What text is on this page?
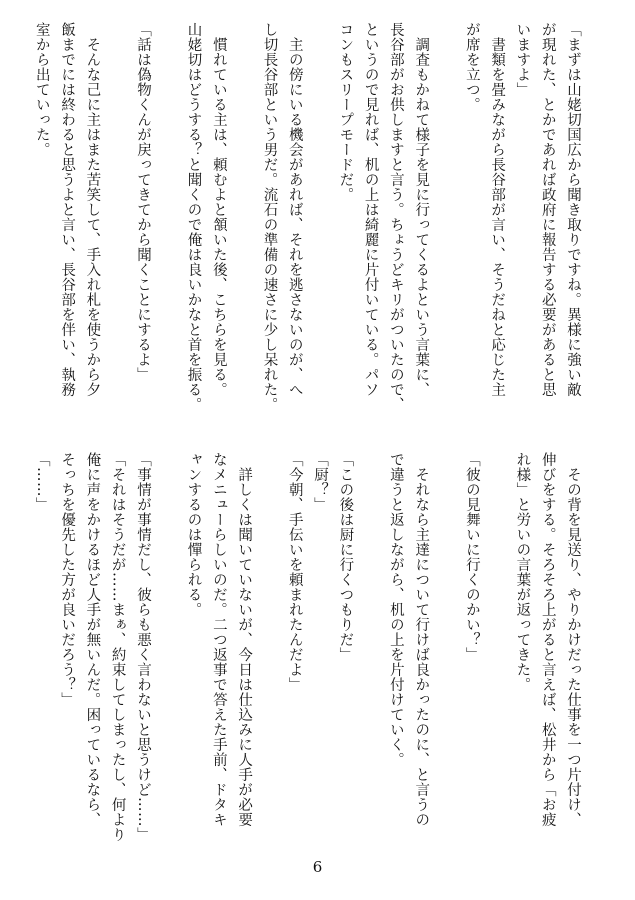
「まずは山姥切国広から聞き取りですね。異様に強い敵
が現れた、とかであれば政府に報告する必要があると思
いますよ」
　書類を畳みながら長谷部が言い、そうだねと応じた主
が席を立つ。
　調査もかねて様子を見に行ってくるよという言葉に、
長谷部がお供しますと言う。ちょうどキリがついたので、
というので見れば、机の上は綺麗に片付いている。パソ
コンもスリープモードだ。
　主の傍にいる機会があれば、それを逃さないのが、へ
し切長谷部という男だ。流石の準備の速さに少し呆れた。
　慣れている主は、頼むよと頷いた後、こちらを見る。
山姥切はどうする？と聞くので俺は良いかなと首を振る。
「話は偽物くんが戻ってきてから聞くことにするよ」
　そんな己に主はまた苦笑して、手入れ札を使うから夕
飯までには終わると思うよと言い、長谷部を伴い、執務
室から出ていった。
　その背を見送り、やりかけだった仕事を一つ片付け、
伸びをする。そろそろ上がると言えば、松井から「お疲
れ様」と労いの言葉が返ってきた。
「彼の見舞いに行くのかい？」
　それなら主達について行けば良かったのに、と言うの
で違うと返しながら、机の上を片付けていく。
「この後は厨に行くつもりだ」
「厨？」
「今朝、手伝いを頼まれたんだよ」
　詳しくは聞いていないが、今日は仕込みに人手が必要
なメニューらしいのだ。二つ返事で答えた手前、ドタキ
ャンするのは憚られる。
「事情が事情だし、彼らも悪く言わないと思うけど……」
「それはそうだが……まぁ、約束してしまったし、何より
俺に声をかけるほど人手が無いんだ。困っているなら、
そっちを優先した方が良いだろう？」
「……」
6
